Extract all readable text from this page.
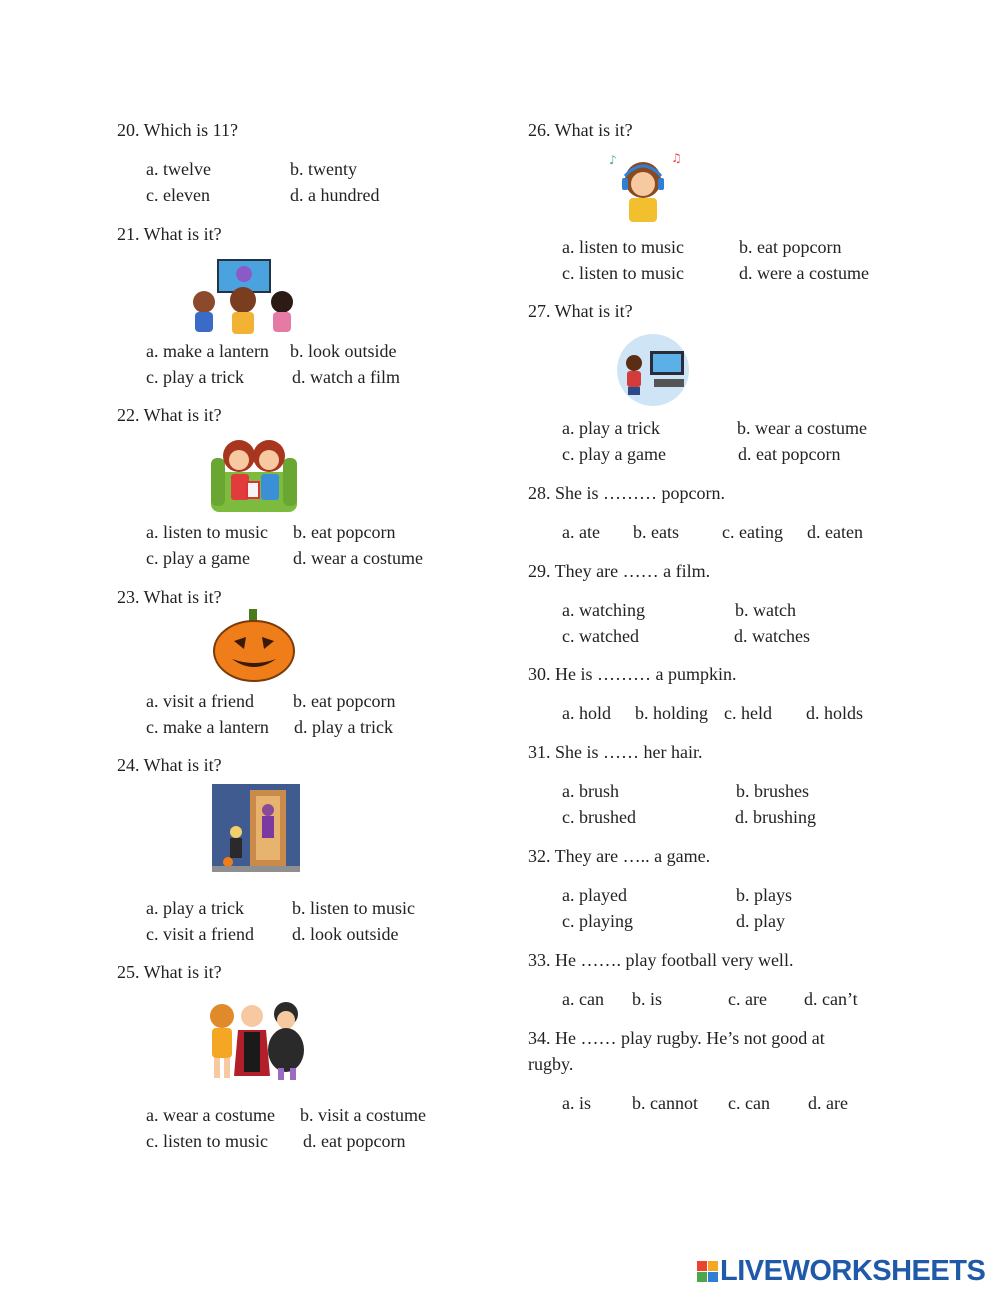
20. Which is 11?
a. twelve	b. twenty
c. eleven	d. a hundred
21. What is it?
a. make a lantern b. look outside
c. play a trick	d. watch a film
22. What is it?
a. listen to music b. eat popcorn
c. play a game d. wear a costume
23. What is it?
a. visit a friend b. eat popcorn
c. make a lantern d. play a trick
24. What is it?
a. play a trick	b. listen to music
c. visit a friend d. look outside
25. What is it?
a. wear a costume b. visit a costume
c. listen to music d. eat popcorn
26. What is it?
♪	♫
a. listen to music	b. eat popcorn
c. listen to music	d. were a costume
27. What is it?
a. play a trick	b. wear a costume
c. play a game	d. eat popcorn
28. She is ……… popcorn.
a. ate b. eats c. eating d. eaten
29. They are …… a film.
a. watching	b. watch
c. watched	d. watches
30. He is ……… a pumpkin.
a. hold b. holding c. held d. holds
31. She is …… her hair.
a. brush	b. brushes
c. brushed	d. brushing
32. They are ….. a game.
a. played	b. plays
c. playing	d. play
33. He ……. play football very well.
a. can b. is	c. are d. can’t
34. He …… play rugby. He’s not good at
rugby.
a. is b. cannot c. can d. are
LIVEWORKSHEETS
